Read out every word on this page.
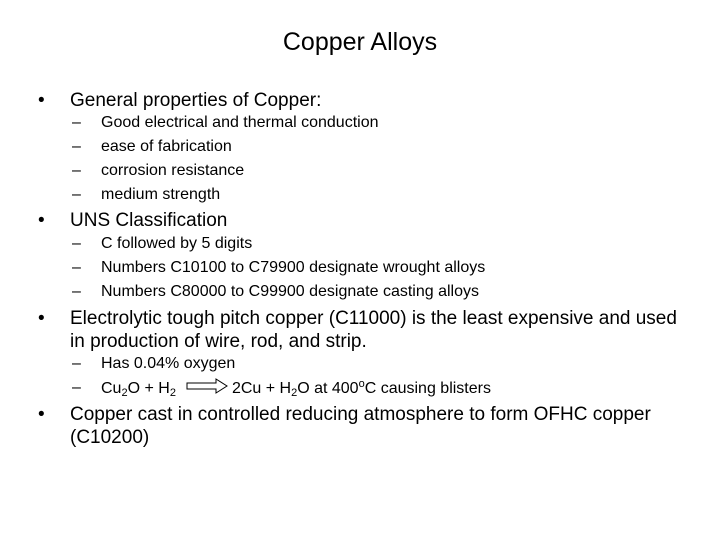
Copper Alloys
• General properties of Copper:
– Good electrical and thermal conduction
– ease of fabrication
– corrosion resistance
– medium strength
• UNS Classification
– C followed by 5 digits
– Numbers C10100 to C79900 designate wrought alloys
– Numbers C80000 to C99900 designate casting alloys
• Electrolytic tough pitch copper (C11000) is the least expensive and used in production of wire, rod, and strip.
– Has 0.04% oxygen
– $Cu_2O + H_2$	$2Cu + H_2O$ at 400$^o$C causing blisters
• Copper cast in controlled reducing atmosphere to form OFHC copper (C10200)
